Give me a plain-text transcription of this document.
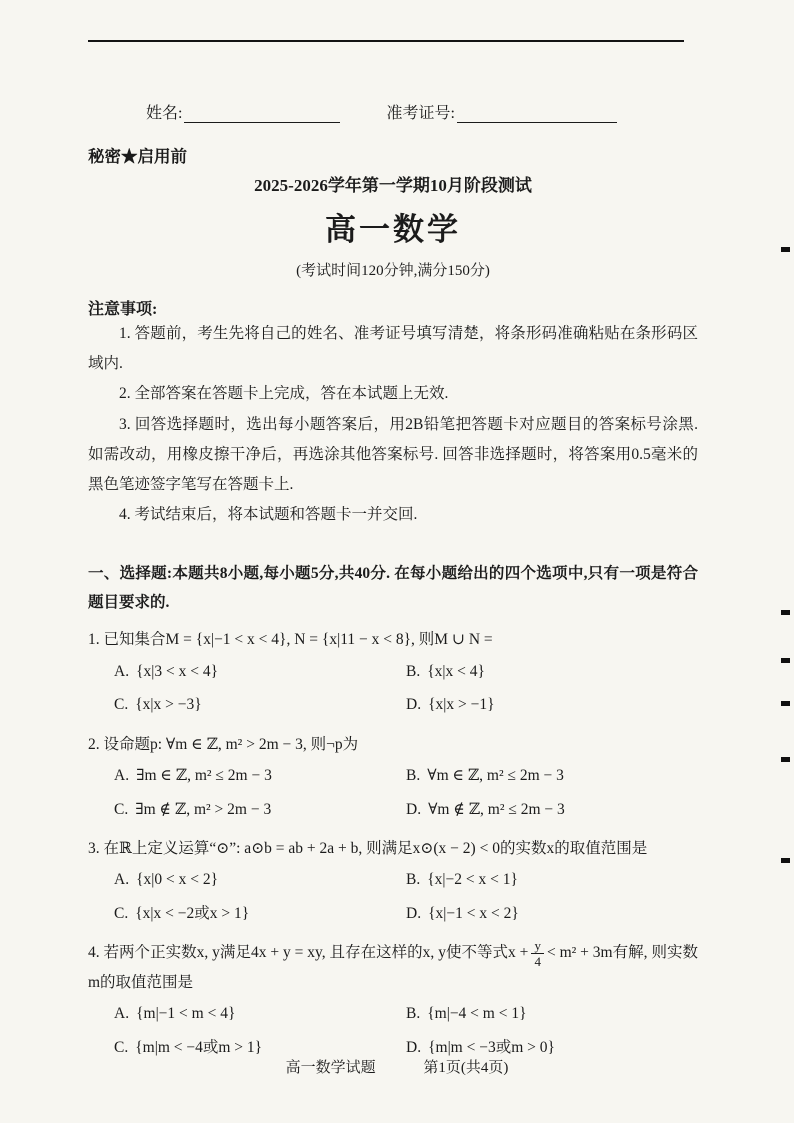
姓名:	准考证号:
秘密★启用前
2025-2026学年第一学期10月阶段测试
高一数学
(考试时间120分钟,满分150分)
注意事项:

1. 答题前，考生先将自己的姓名、准考证号填写清楚，将条形码准确粘贴在条形码区域内.

2. 全部答案在答题卡上完成，答在本试题上无效.

3. 回答选择题时，选出每小题答案后，用2B铅笔把答题卡对应题目的答案标号涂黑. 如需改动，用橡皮擦干净后，再选涂其他答案标号. 回答非选择题时，将答案用0.5毫米的黑色笔迹签字笔写在答题卡上.

4. 考试结束后，将本试题和答题卡一并交回.

一、选择题:本题共8小题,每小题5分,共40分. 在每小题给出的四个选项中,只有一项是符合题目要求的.

1. 已知集合M = {x|−1 < x < 4}, N = {x|11 − x < 8}, 则M ∪ N =

A. {x|3 < x < 4}	B. {x|x < 4}
C. {x|x > −3}	D. {x|x > −1}

2. 设命题p: ∀m ∈ ℤ, m² > 2m − 3, 则¬p为

A. ∃m ∈ ℤ, m² ≤ 2m − 3	B. ∀m ∈ ℤ, m² ≤ 2m − 3
C. ∃m ∉ ℤ, m² > 2m − 3	D. ∀m ∉ ℤ, m² ≤ 2m − 3

3. 在ℝ上定义运算“⊙”: a⊙b = ab + 2a + b, 则满足x⊙(x − 2) < 0的实数x的取值范围是

A. {x|0 < x < 2}	B. {x|−2 < x < 1}
C. {x|x < −2或x > 1}	D. {x|−1 < x < 2}

4. 若两个正实数x, y满足4x + y = xy, 且存在这样的x, y使不等式$x + \frac{y}{4} < m^2 + 3m$有解, 则实数m的取值范围是

A. {m|−1 < m < 4}	B. {m|−4 < m < 1}
C. {m|m < −4或m > 1}	D. {m|m < −3或m > 0}
高一数学试题	第1页(共4页)
